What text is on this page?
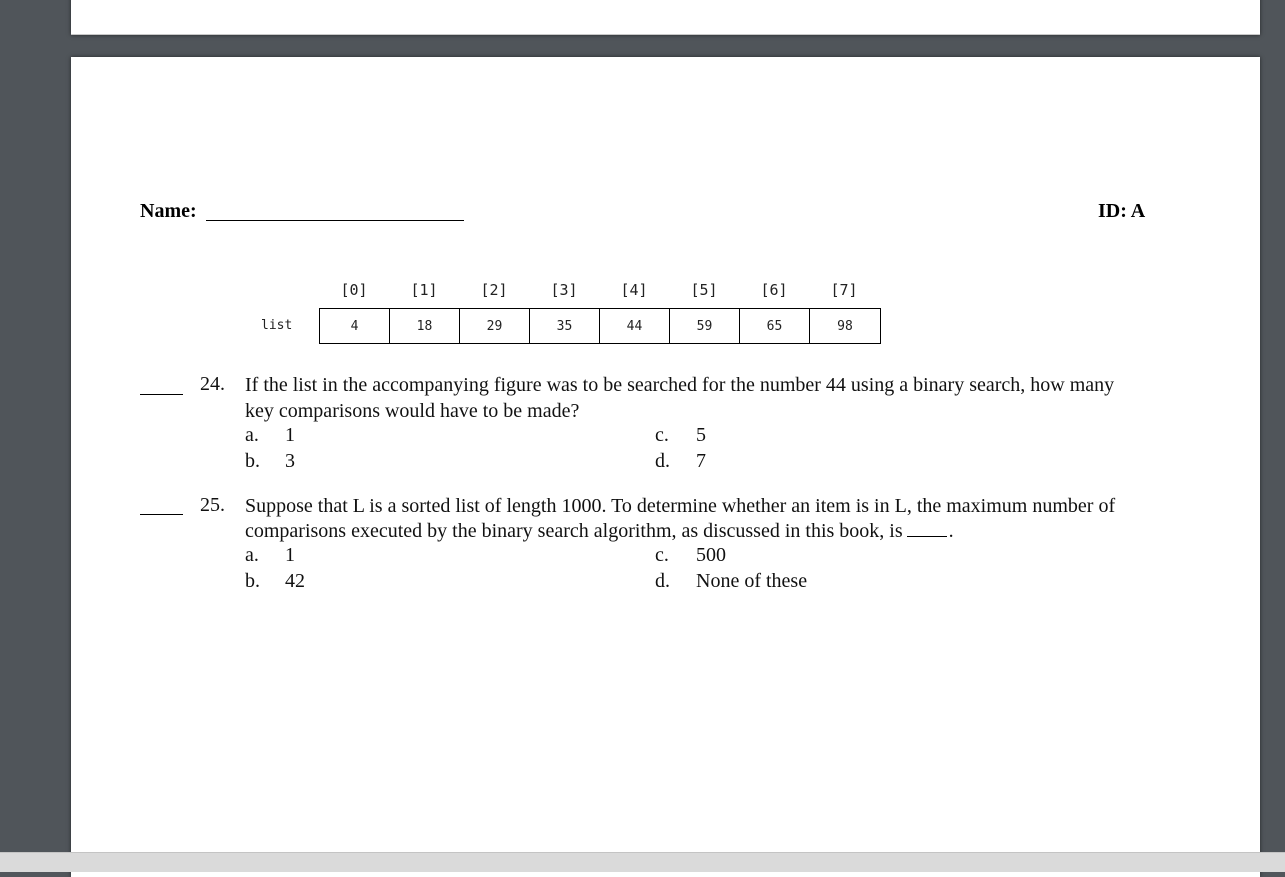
Name:	ID: A
[0]	[1]	[2]	[3]	[4]	[5]	[6]	[7]
list	4	18	29	35	44	59	65	98
24. If the list in the accompanying figure was to be searched for the number 44 using a binary search, how many
key comparisons would have to be made?
a. 1
b. 3
c. 5
d. 7
25. Suppose that L is a sorted list of length 1000. To determine whether an item is in L, the maximum number of
comparisons executed by the binary search algorithm, as discussed in this book, is .
a. 1
b. 42
c. 500
d. None of these
